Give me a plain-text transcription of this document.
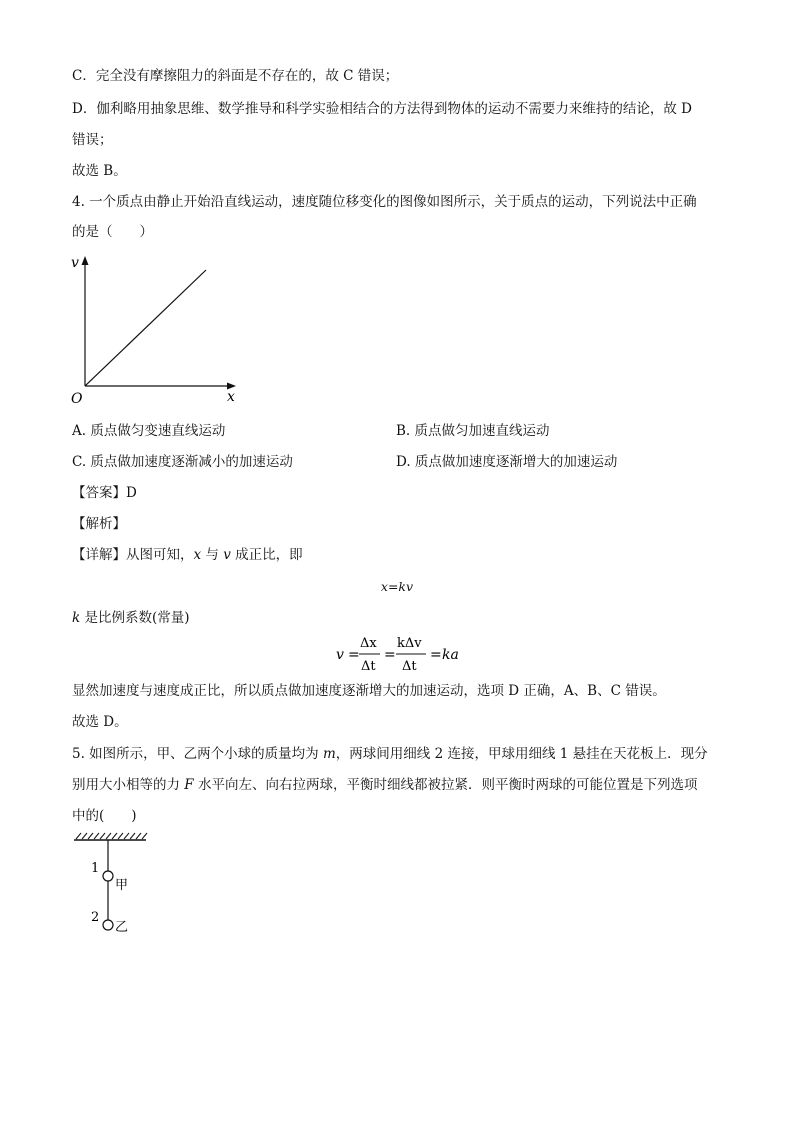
C．完全没有摩擦阻力的斜面是不存在的，故 C 错误；
D．伽利略用抽象思维、数学推导和科学实验相结合的方法得到物体的运动不需要力来维持的结论，故 D
错误；
故选 B。
4. 一个质点由静止开始沿直线运动，速度随位移变化的图像如图所示，关于质点的运动，下列说法中正确
的是（　　）
v
x
O
A. 质点做匀变速直线运动	B. 质点做匀加速直线运动
C. 质点做加速度逐渐减小的加速运动	D. 质点做加速度逐渐增大的加速运动
【答案】D
【解析】
【详解】从图可知，x 与 v 成正比，即
x=kv
k 是比例系数(常量)
v =
Δx
Δt
=
kΔv
Δt
= ka
显然加速度与速度成正比，所以质点做加速度逐渐增大的加速运动，选项 D 正确，A、B、C 错误。
故选 D。
5. 如图所示，甲、乙两个小球的质量均为 m，两球间用细线 2 连接，甲球用细线 1 悬挂在天花板上．现分
别用大小相等的力 F 水平向左、向右拉两球，平衡时细线都被拉紧．则平衡时两球的可能位置是下列选项
中的(　　)
1
2
甲
乙
